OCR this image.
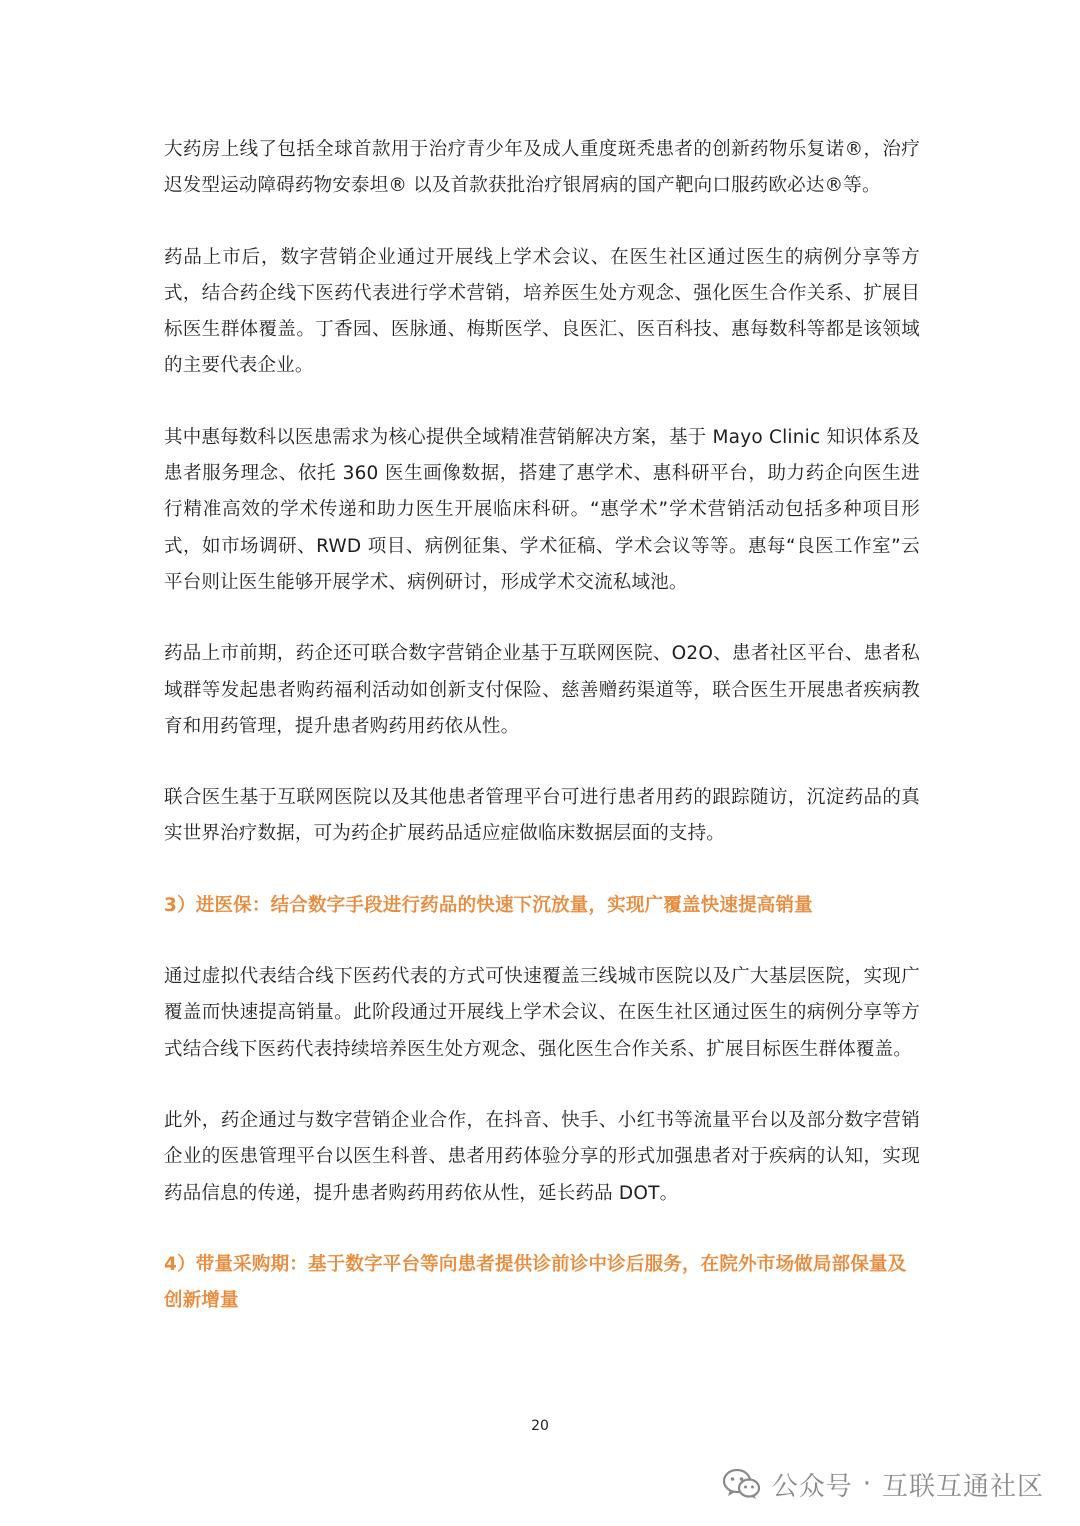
大药房上线了包括全球首款用于治疗青少年及成人重度斑秃患者的创新药物乐复诺®，治疗迟发型运动障碍药物安泰坦® 以及首款获批治疗银屑病的国产靶向口服药欧必达®等。

药品上市后，数字营销企业通过开展线上学术会议、在医生社区通过医生的病例分享等方式，结合药企线下医药代表进行学术营销，培养医生处方观念、强化医生合作关系、扩展目标医生群体覆盖。丁香园、医脉通、梅斯医学、良医汇、医百科技、惠每数科等都是该领域的主要代表企业。

其中惠每数科以医患需求为核心提供全域精准营销解决方案，基于 Mayo Clinic 知识体系及患者服务理念、依托 360 医生画像数据，搭建了惠学术、惠科研平台，助力药企向医生进行精准高效的学术传递和助力医生开展临床科研。“惠学术”学术营销活动包括多种项目形式，如市场调研、RWD 项目、病例征集、学术征稿、学术会议等等。惠每“良医工作室”云平台则让医生能够开展学术、病例研讨，形成学术交流私域池。

药品上市前期，药企还可联合数字营销企业基于互联网医院、O2O、患者社区平台、患者私域群等发起患者购药福利活动如创新支付保险、慈善赠药渠道等，联合医生开展患者疾病教育和用药管理，提升患者购药用药依从性。

联合医生基于互联网医院以及其他患者管理平台可进行患者用药的跟踪随访，沉淀药品的真实世界治疗数据，可为药企扩展药品适应症做临床数据层面的支持。

3）进医保：结合数字手段进行药品的快速下沉放量，实现广覆盖快速提高销量

通过虚拟代表结合线下医药代表的方式可快速覆盖三线城市医院以及广大基层医院，实现广覆盖而快速提高销量。此阶段通过开展线上学术会议、在医生社区通过医生的病例分享等方式结合线下医药代表持续培养医生处方观念、强化医生合作关系、扩展目标医生群体覆盖。

此外，药企通过与数字营销企业合作，在抖音、快手、小红书等流量平台以及部分数字营销企业的医患管理平台以医生科普、患者用药体验分享的形式加强患者对于疾病的认知，实现药品信息的传递，提升患者购药用药依从性，延长药品 DOT。

4）带量采购期：基于数字平台等向患者提供诊前诊中诊后服务，在院外市场做局部保量及创新增量

20
公众号 · 互联互通社区
